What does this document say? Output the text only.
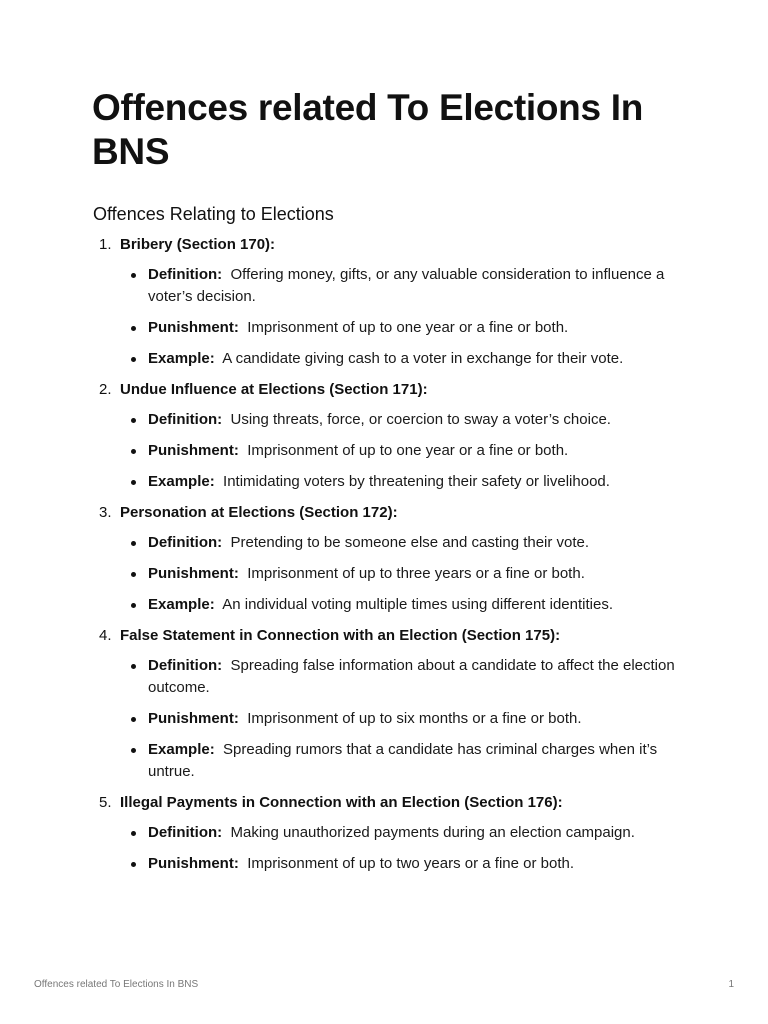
Offences related To Elections In BNS
Offences Relating to Elections
1. Bribery (Section 170):
Definition:  Offering money, gifts, or any valuable consideration to influence a voter’s decision.
Punishment:  Imprisonment of up to one year or a fine or both.
Example:  A candidate giving cash to a voter in exchange for their vote.
2. Undue Influence at Elections (Section 171):
Definition:  Using threats, force, or coercion to sway a voter’s choice.
Punishment:  Imprisonment of up to one year or a fine or both.
Example:  Intimidating voters by threatening their safety or livelihood.
3. Personation at Elections (Section 172):
Definition:  Pretending to be someone else and casting their vote.
Punishment:  Imprisonment of up to three years or a fine or both.
Example:  An individual voting multiple times using different identities.
4. False Statement in Connection with an Election (Section 175):
Definition:  Spreading false information about a candidate to affect the election outcome.
Punishment:  Imprisonment of up to six months or a fine or both.
Example:  Spreading rumors that a candidate has criminal charges when it’s untrue.
5. Illegal Payments in Connection with an Election (Section 176):
Definition:  Making unauthorized payments during an election campaign.
Punishment:  Imprisonment of up to two years or a fine or both.
Offences related To Elections In BNS	1
